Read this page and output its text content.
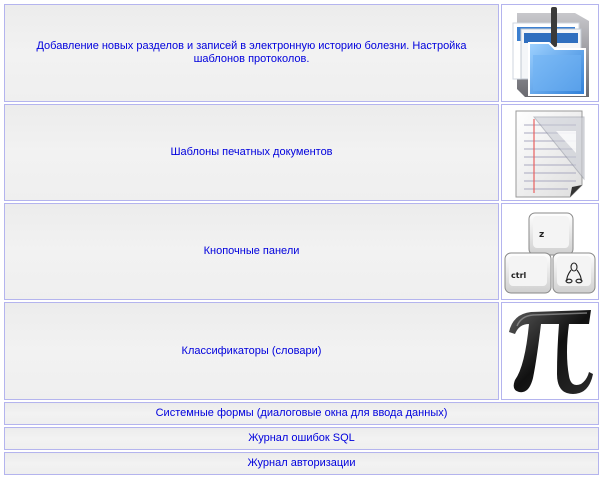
Добавление новых разделов и записей в электронную историю болезни. Настройка шаблонов протоколов.
Шаблоны печатных документов
Кнопочные панели
z
ctrl
Классификаторы (словари)
Системные формы (диалоговые окна для ввода данных)
Журнал ошибок SQL
Журнал авторизации
